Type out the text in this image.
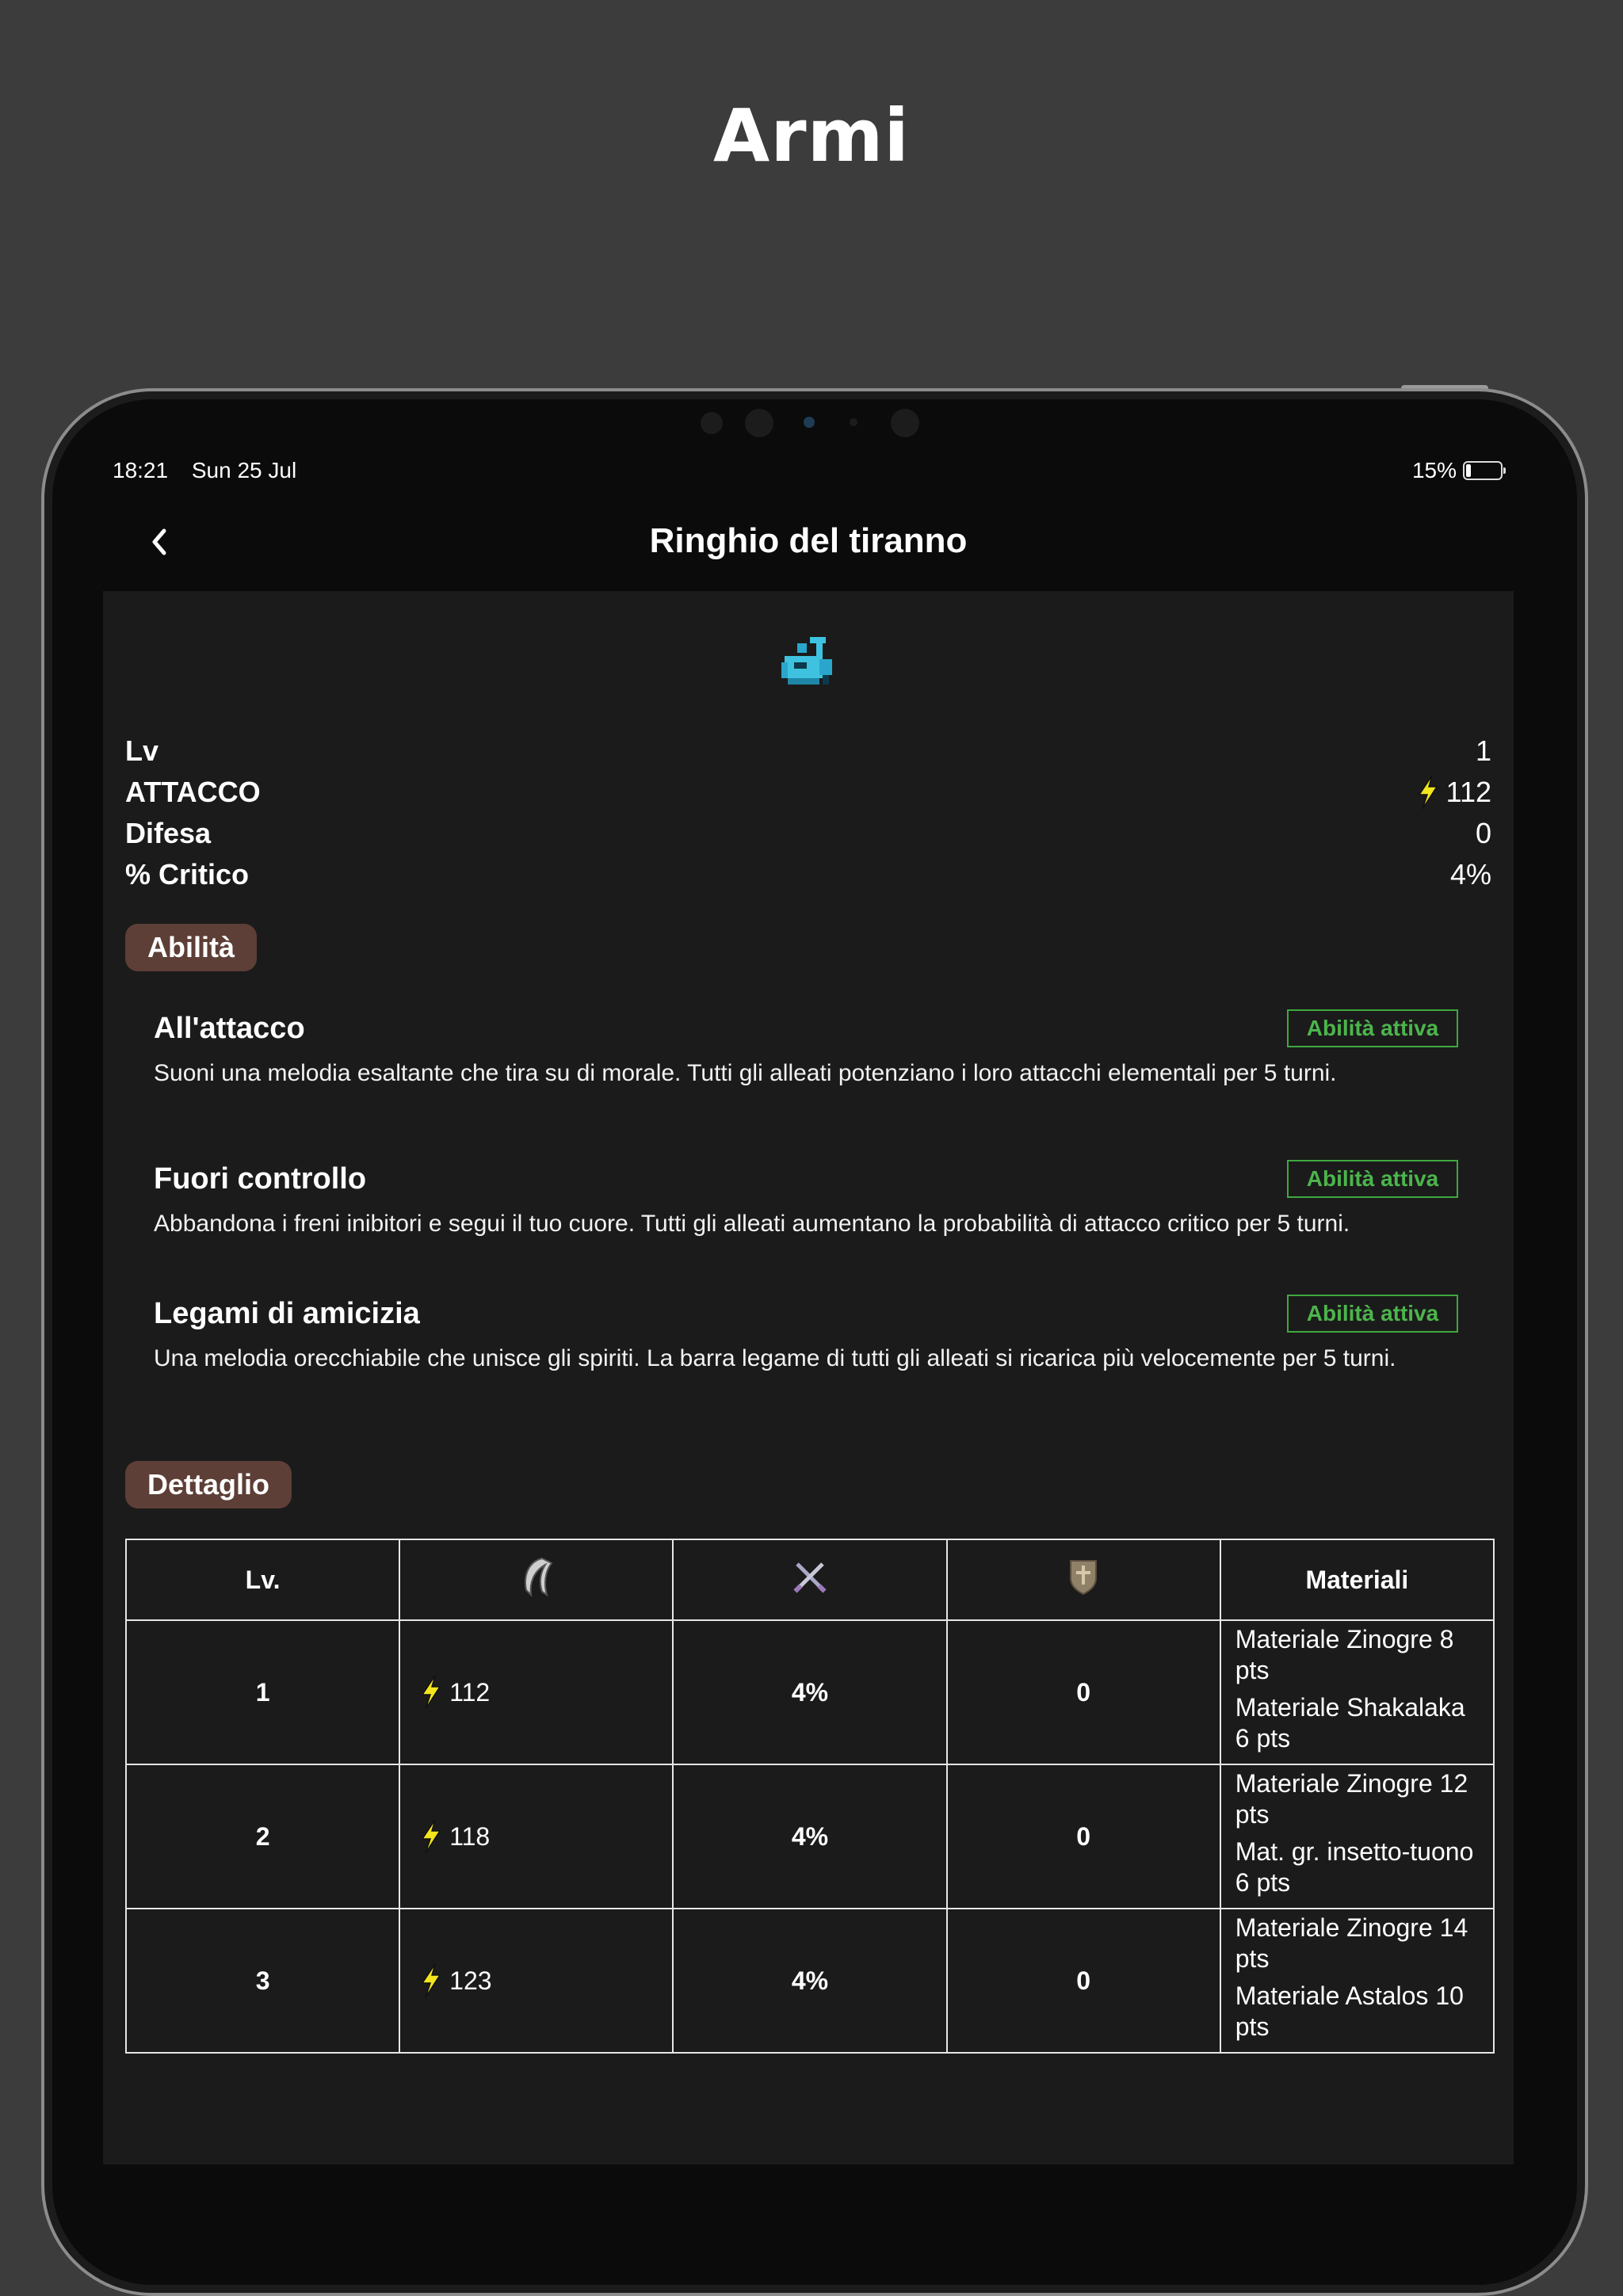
Armi
18:21 Sun 25 Jul	15%
Ringhio del tiranno
Lv	1
ATTACCO	112
Difesa	0
% Critico	4%
Abilità
All'attacco	Abilità attiva
Suoni una melodia esaltante che tira su di morale. Tutti gli alleati potenziano i loro attacchi elementali per 5 turni.
Fuori controllo	Abilità attiva
Abbandona i freni inibitori e segui il tuo cuore. Tutti gli alleati aumentano la probabilità di attacco critico per 5 turni.
Legami di amicizia	Abilità attiva
Una melodia orecchiabile che unisce gli spiriti. La barra legame di tutti gli alleati si ricarica più velocemente per 5 turni.
Dettaglio
Lv.				Materiali
1	112	4%	0	Materiale Zinogre 8 pts
Materiale Shakalaka 6 pts

2	118	4%	0	Materiale Zinogre 12 pts
Mat. gr. insetto-tuono 6 pts

3	123	4%	0	Materiale Zinogre 14 pts
Materiale Astalos 10 pts
